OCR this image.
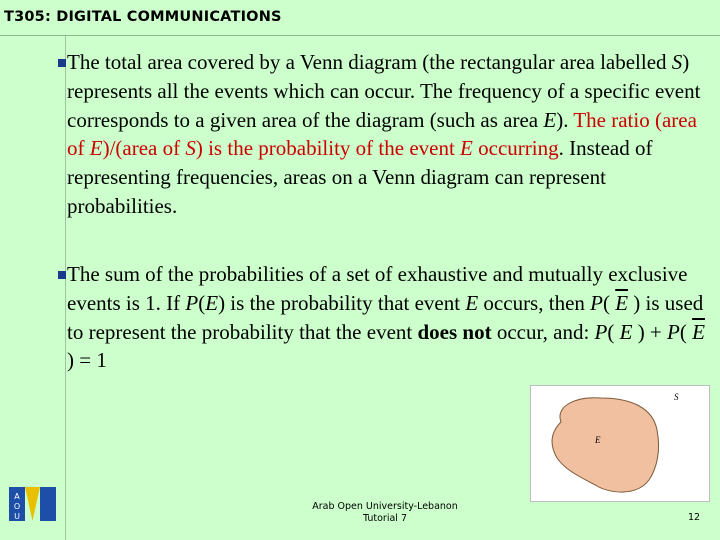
T305: DIGITAL COMMUNICATIONS
The total area covered by a Venn diagram (the rectangular area labelled S) represents all the events which can occur. The frequency of a specific event corresponds to a given area of the diagram (such as area E). The ratio (area of E)/(area of S) is the probability of the event E occurring. Instead of representing frequencies, areas on a Venn diagram can represent probabilities.
The sum of the probabilities of a set of exhaustive and mutually exclusive events is 1. If P(E) is the probability that event E occurs, then P( $\overline{E}$ ) is used to represent the probability that the event does not occur, and: P( E ) + P( $\overline{E}$ ) = 1
S
E
A
O
U
Arab Open University-Lebanon
Tutorial 7	12
